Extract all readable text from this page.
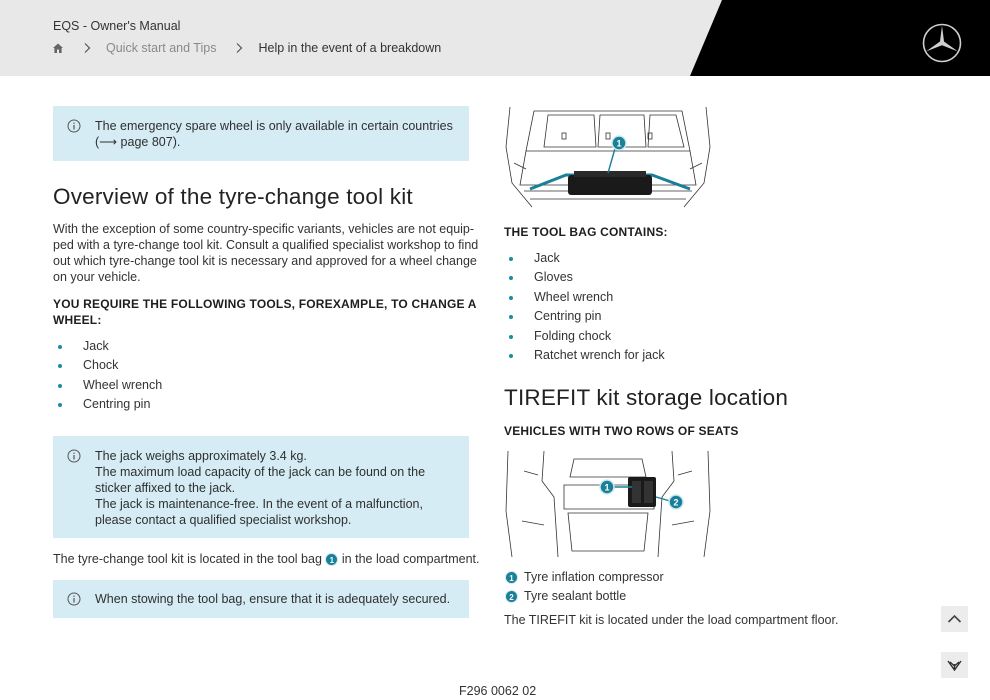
EQS - Owner's Manual
Quick start and Tips	Help in the event of a breakdown
The emergency spare wheel is only available in certain countries
(⟶ page 807).
Overview of the tyre-change tool kit
With the exception of some country-specific variants, vehicles are not equip-
ped with a tyre-change tool kit. Consult a qualified specialist workshop to find
out which tyre-change tool kit is necessary and approved for a wheel change
on your vehicle.
YOU REQUIRE THE FOLLOWING TOOLS, FOREXAMPLE, TO CHANGE A
WHEEL:
Jack
Chock
Wheel wrench
Centring pin
The jack weighs approximately 3.4 kg.
The maximum load capacity of the jack can be found on the
sticker affixed to the jack.
The jack is maintenance-free. In the event of a malfunction,
please contact a qualified specialist workshop.
The tyre-change tool kit is located in the tool bag 1 in the load compartment.
When stowing the tool bag, ensure that it is adequately secured.
1
THE TOOL BAG CONTAINS:
Jack
Gloves
Wheel wrench
Centring pin
Folding chock
Ratchet wrench for jack
TIREFIT kit storage location
VEHICLES WITH TWO ROWS OF SEATS
1
2
1 Tyre inflation compressor
2 Tyre sealant bottle
The TIREFIT kit is located under the load compartment floor.
F296 0062 02
